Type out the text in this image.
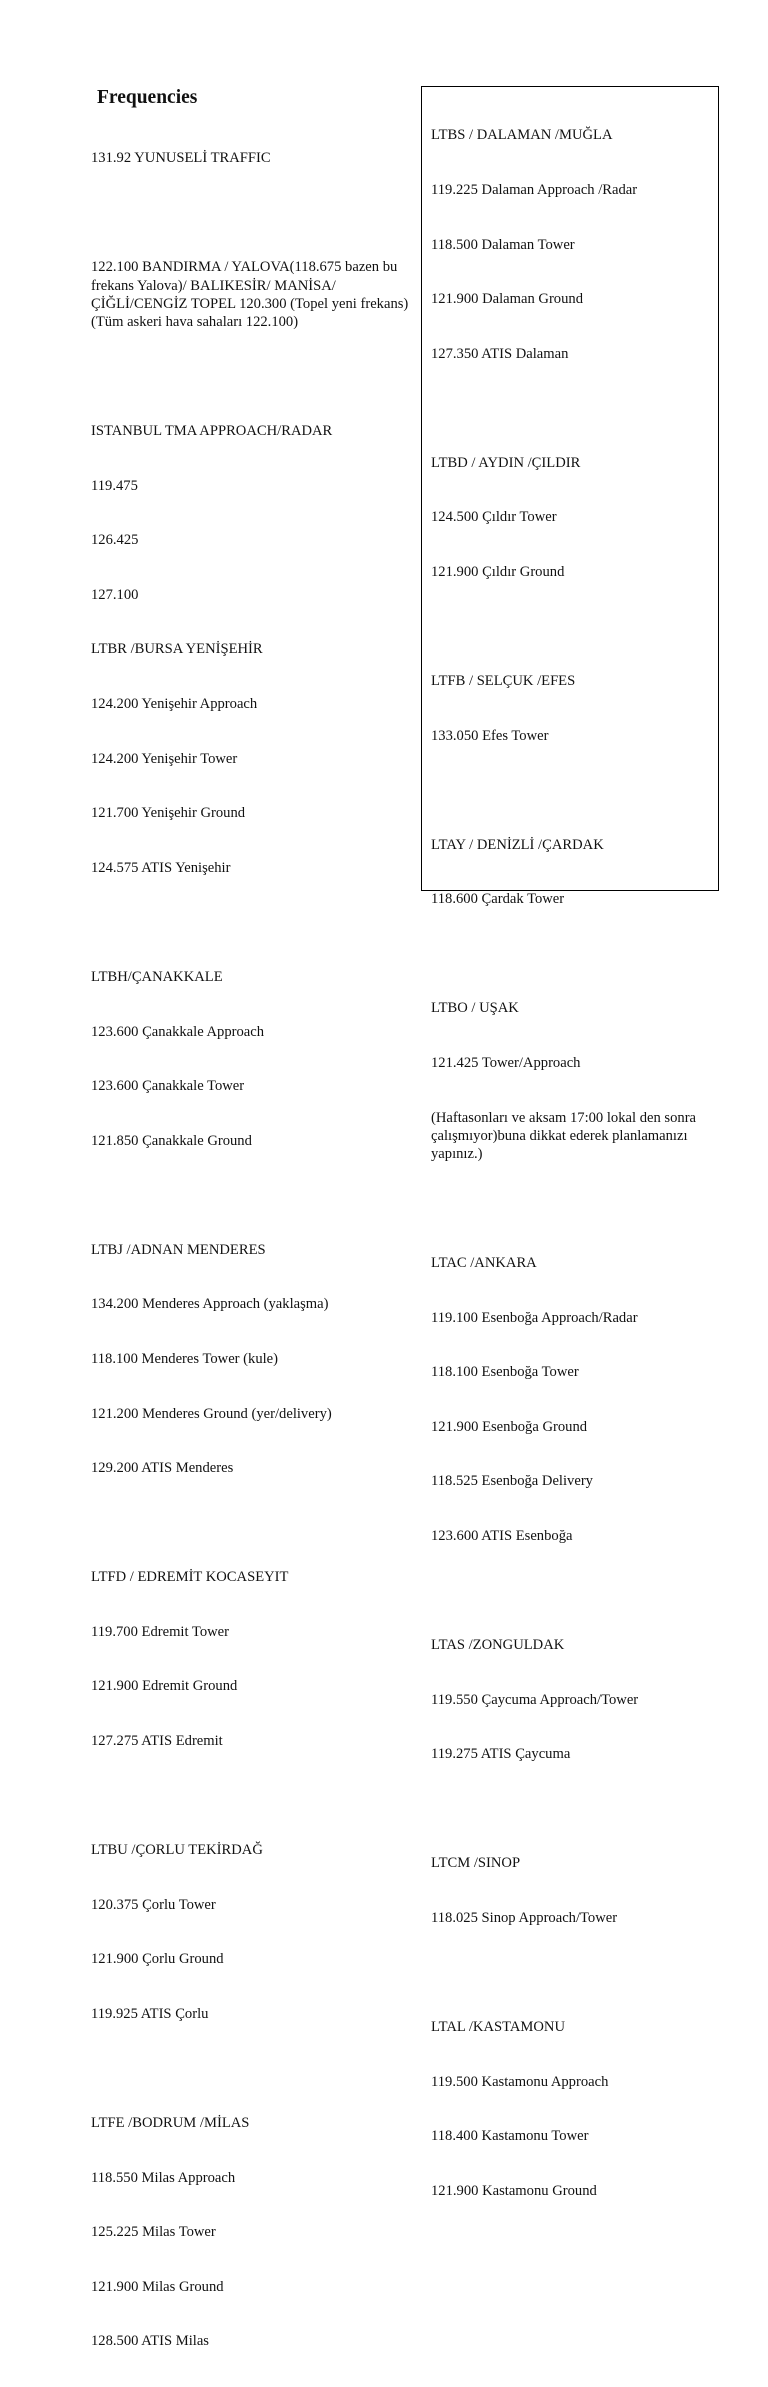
Frequencies

131.92 YUNUSELİ TRAFFIC

122.100 BANDIRMA / YALOVA(118.675 bazen bu frekans Yalova)/ BALIKESİR/ MANİSA/ ÇİĞLİ/CENGİZ TOPEL 120.300 (Topel yeni frekans) (Tüm askeri hava sahaları 122.100)

ISTANBUL TMA APPROACH/RADAR

119.475

126.425

127.100

LTBR /BURSA YENİŞEHİR

124.200 Yenişehir Approach

124.200 Yenişehir Tower

121.700 Yenişehir Ground

124.575 ATIS Yenişehir

LTBH/ÇANAKKALE

123.600 Çanakkale Approach

123.600 Çanakkale Tower

121.850 Çanakkale Ground

LTBJ /ADNAN MENDERES

134.200 Menderes Approach (yaklaşma)

118.100 Menderes Tower (kule)

121.200 Menderes Ground (yer/delivery)

129.200 ATIS Menderes

LTFD / EDREMİT KOCASEYIT

119.700 Edremit Tower

121.900 Edremit Ground

127.275 ATIS Edremit

LTBU /ÇORLU TEKİRDAĞ

120.375 Çorlu Tower

121.900 Çorlu Ground

119.925 ATIS Çorlu

LTFE /BODRUM /MİLAS

118.550 Milas Approach

125.225 Milas Tower

121.900 Milas Ground

128.500 ATIS Milas

LTBS / DALAMAN /MUĞLA

119.225 Dalaman Approach /Radar

118.500 Dalaman Tower

121.900 Dalaman Ground

127.350 ATIS Dalaman

LTBD / AYDIN /ÇILDIR

124.500 Çıldır Tower

121.900 Çıldır Ground

LTFB / SELÇUK /EFES

133.050 Efes Tower

LTAY / DENİZLİ /ÇARDAK

118.600 Çardak Tower

LTBO / UŞAK

121.425 Tower/Approach

(Haftasonları ve aksam 17:00 lokal den sonra çalışmıyor)buna dikkat ederek planlamanızı yapınız.)

LTAC /ANKARA

119.100 Esenboğa Approach/Radar

118.100 Esenboğa Tower

121.900 Esenboğa Ground

118.525 Esenboğa Delivery

123.600 ATIS Esenboğa

LTAS /ZONGULDAK

119.550 Çaycuma Approach/Tower

119.275 ATIS Çaycuma

LTCM /SINOP

118.025 Sinop Approach/Tower

LTAL /KASTAMONU

119.500 Kastamonu Approach

118.400 Kastamonu Tower

121.900 Kastamonu Ground
